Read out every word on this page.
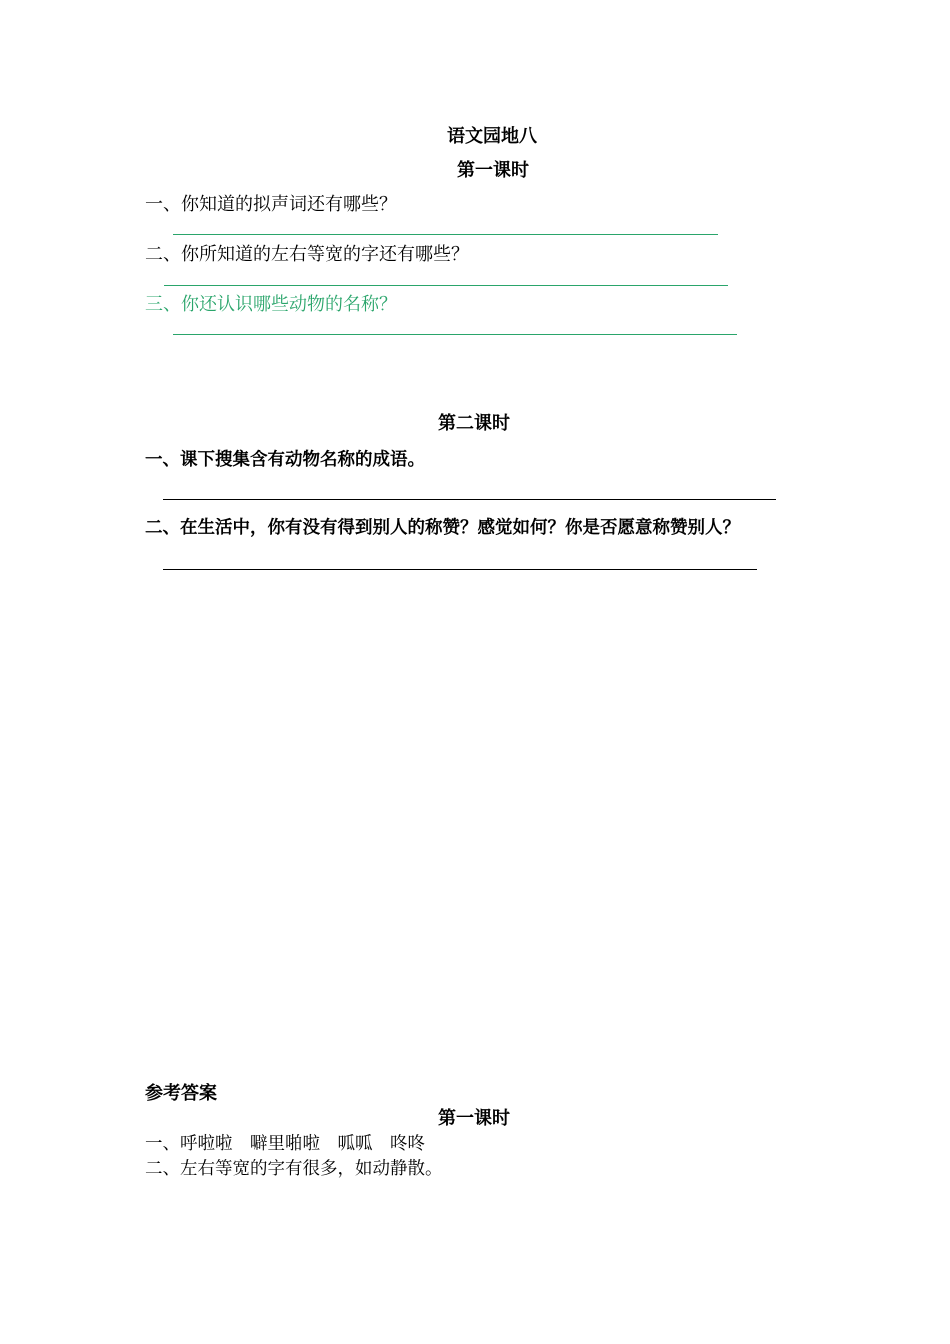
语文园地八
第一课时
一、你知道的拟声词还有哪些？
二、你所知道的左右等宽的字还有哪些？
三、你还认识哪些动物的名称？
第二课时
一、课下搜集含有动物名称的成语。
二、在生活中，你有没有得到别人的称赞？感觉如何？你是否愿意称赞别人？
参考答案
第一课时
一、呼啦啦　噼里啪啦　呱呱　咚咚
二、左右等宽的字有很多，如动静散。
